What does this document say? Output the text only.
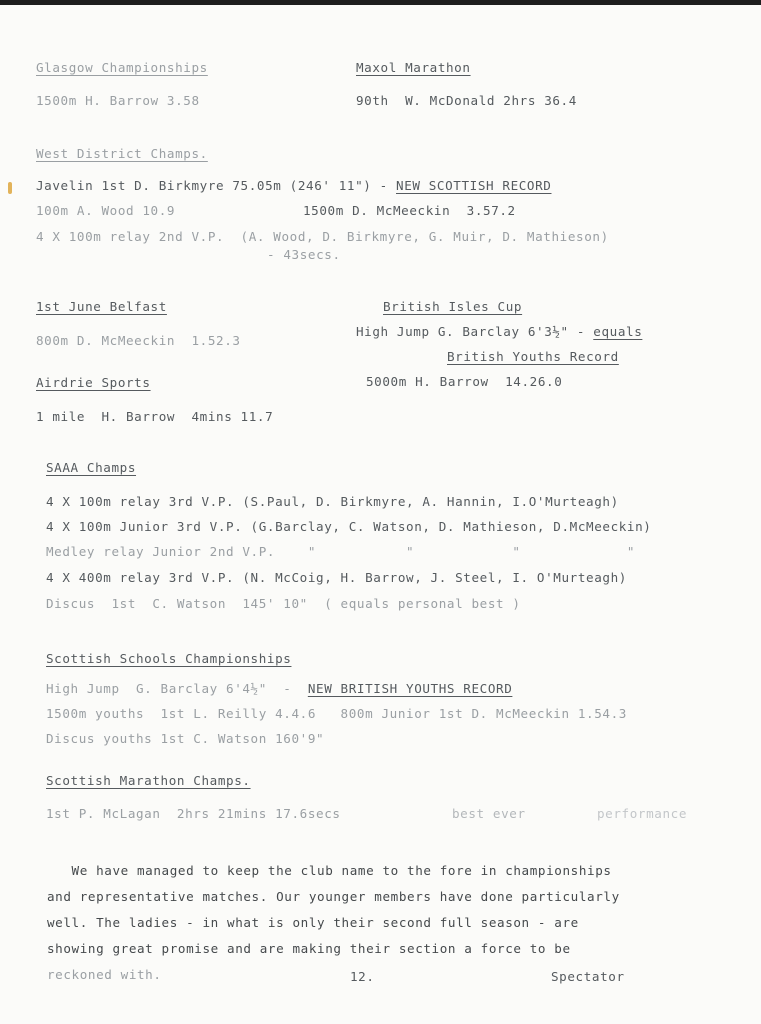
Glasgow Championships	Maxol Marathon
1500m H. Barrow 3.58	90th  W. McDonald 2hrs 36.4
West District Champs.
Javelin 1st D. Birkmyre 75.05m (246' 11") - NEW SCOTTISH RECORD
100m A. Wood 10.9	1500m D. McMeeckin  3.57.2
4 X 100m relay 2nd V.P.  (A. Wood, D. Birkmyre, G. Muir, D. Mathieson)
- 43secs.
1st June Belfast	British Isles Cup
High Jump G. Barclay 6'3½" - equals
800m D. McMeeckin  1.52.3
British Youths Record
Airdrie Sports	5000m H. Barrow  14.26.0
1 mile  H. Barrow  4mins 11.7
SAAA Champs
4 X 100m relay 3rd V.P. (S.Paul, D. Birkmyre, A. Hannin, I.O'Murteagh)
4 X 100m Junior 3rd V.P. (G.Barclay, C. Watson, D. Mathieson, D.McMeeckin)
Medley relay Junior 2nd V.P.    "           "            "             "
4 X 400m relay 3rd V.P. (N. McCoig, H. Barrow, J. Steel, I. O'Murteagh)
Discus  1st  C. Watson  145' 10"  ( equals personal best )
Scottish Schools Championships
High Jump  G. Barclay 6'4½"  -  NEW BRITISH YOUTHS RECORD
1500m youths  1st L. Reilly 4.4.6   800m Junior 1st D. McMeeckin 1.54.3
Discus youths 1st C. Watson 160'9"
Scottish Marathon Champs.
1st P. McLagan  2hrs 21mins 17.6secs	best ever	performance
We have managed to keep the club name to the fore in championships
and representative matches. Our younger members have done particularly
well. The ladies - in what is only their second full season - are
showing great promise and are making their section a force to be
reckoned with.	12.	Spectator
